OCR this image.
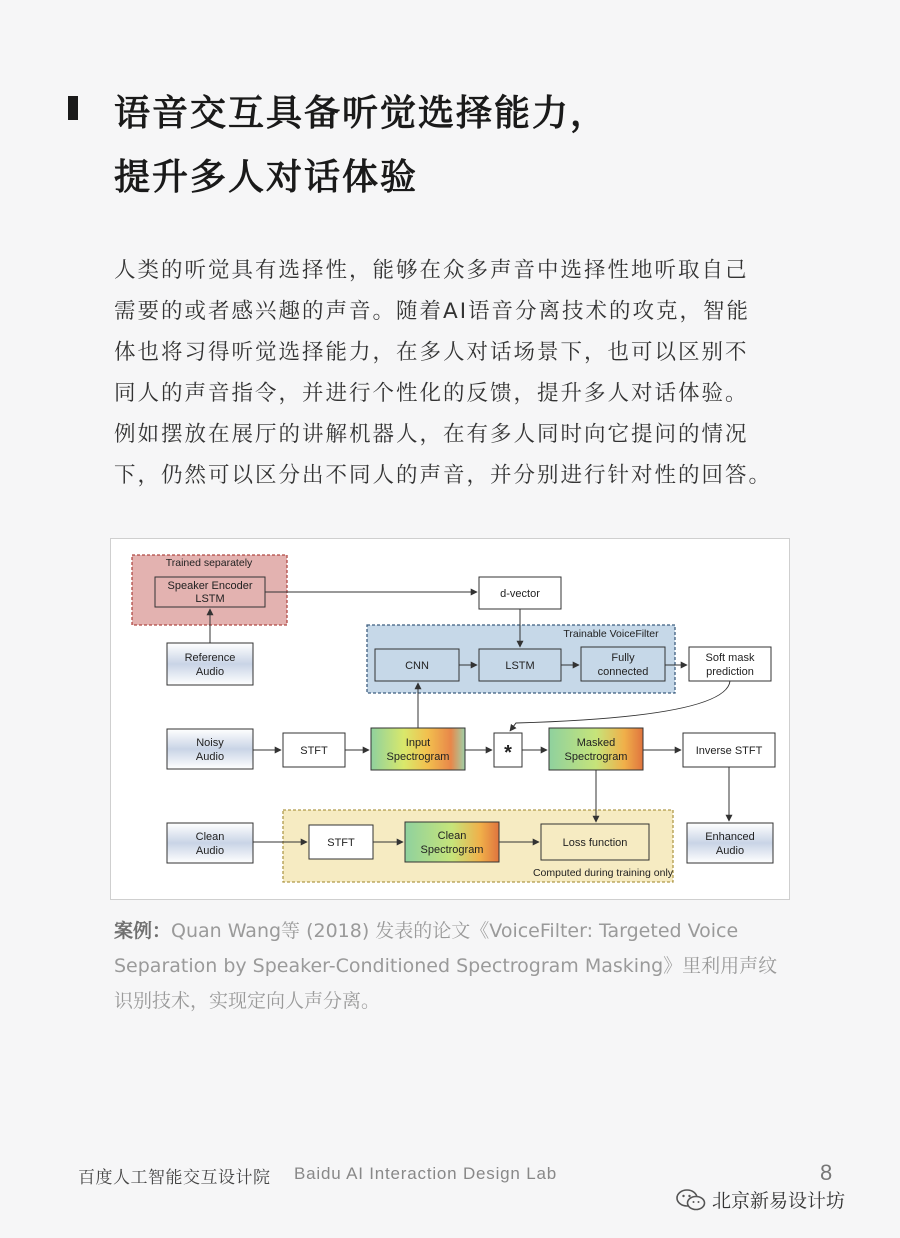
语音交互具备听觉选择能力，
提升多人对话体验

人类的听觉具有选择性，能够在众多声音中选择性地听取自己
需要的或者感兴趣的声音。随着AI语音分离技术的攻克，智能
体也将习得听觉选择能力，在多人对话场景下，也可以区别不
同人的声音指令，并进行个性化的反馈，提升多人对话体验。
例如摆放在展厅的讲解机器人，在有多人同时向它提问的情况
下，仍然可以区分出不同人的声音，并分别进行针对性的回答。

Trained separately
Trainable VoiceFilter
Computed during training only
Speaker Encoder
LSTM	d-vector
Reference
Audio	CNN	LSTM
Fully
connected
Soft mask
prediction
Noisy
Audio	STFT
Input
Spectrogram	*	Masked
Spectrogram	Inverse STFT
Clean
Audio
STFT
Clean
Spectrogram
Loss function	Enhanced
Audio

案例：Quan Wang等 (2018) 发表的论文《VoiceFilter: Targeted Voice
Separation by Speaker-Conditioned Spectrogram Masking》里利用声纹
识别技术，实现定向人声分离。

百度人工智能交互设计院 Baidu AI Interaction Design Lab	8
北京新易设计坊
